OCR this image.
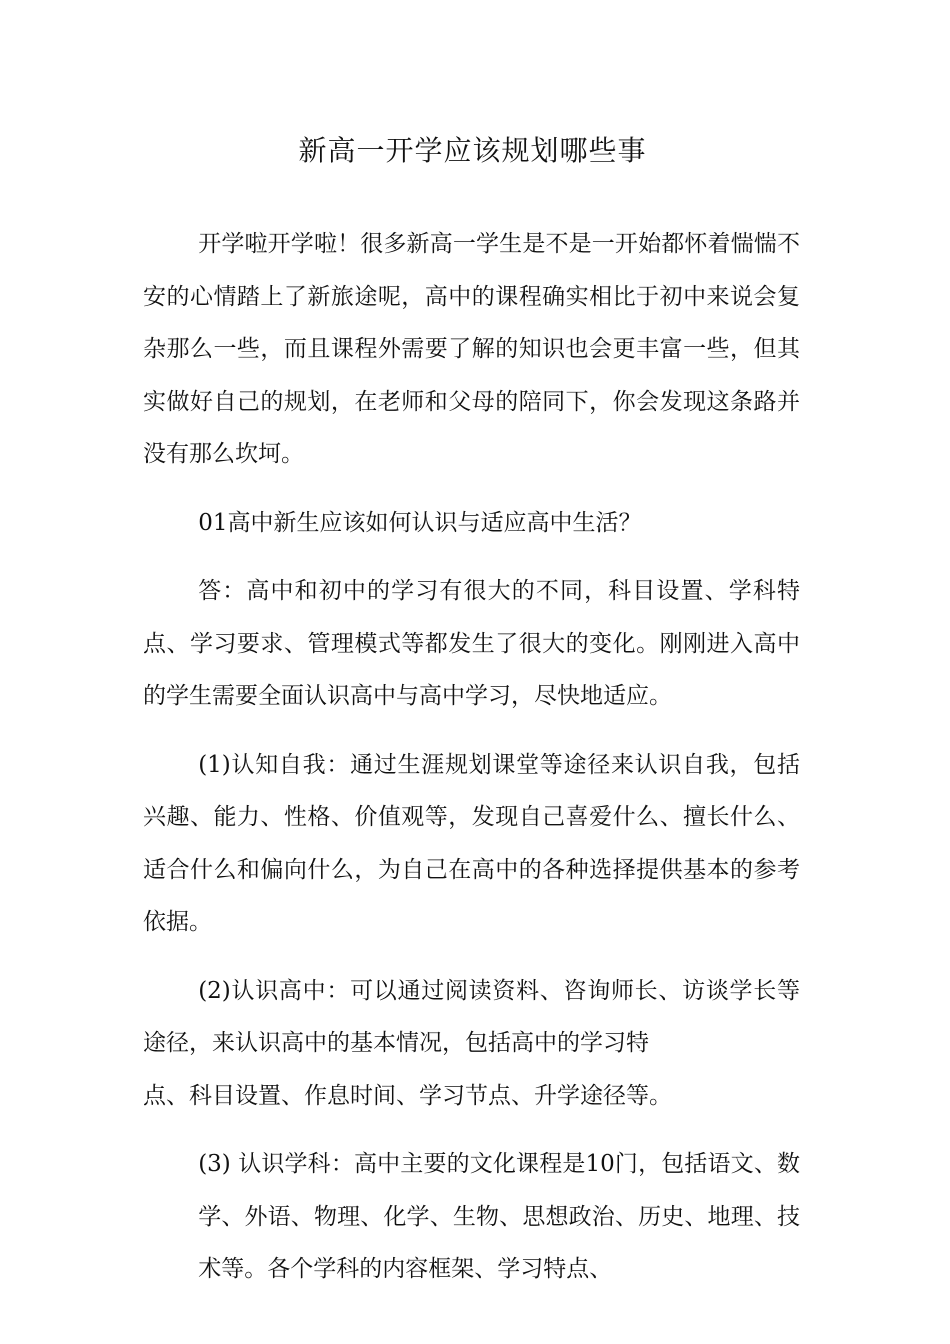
新高一开学应该规划哪些事

开学啦开学啦！很多新高一学生是不是一开始都怀着惴惴不安的心情踏上了新旅途呢，高中的课程确实相比于初中来说会复杂那么一些，而且课程外需要了解的知识也会更丰富一些，但其实做好自己的规划，在老师和父母的陪同下，你会发现这条路并没有那么坎坷。

01高中新生应该如何认识与适应高中生活？

答：高中和初中的学习有很大的不同，科目设置、学科特点、学习要求、管理模式等都发生了很大的变化。刚刚进入高中的学生需要全面认识高中与高中学习，尽快地适应。

(1)认知自我：通过生涯规划课堂等途径来认识自我，包括兴趣、能力、性格、价值观等，发现自己喜爱什么、擅长什么、适合什么和偏向什么，为自己在高中的各种选择提供基本的参考依据。

(2)认识高中：可以通过阅读资料、咨询师长、访谈学长等途径，来认识高中的基本情况，包括高中的学习特
点、科目设置、作息时间、学习节点、升学途径等。

(3) 认识学科：高中主要的文化课程是10门，包括语文、数学、外语、物理、化学、生物、思想政治、历史、地理、技术等。各个学科的内容框架、学习特点、
